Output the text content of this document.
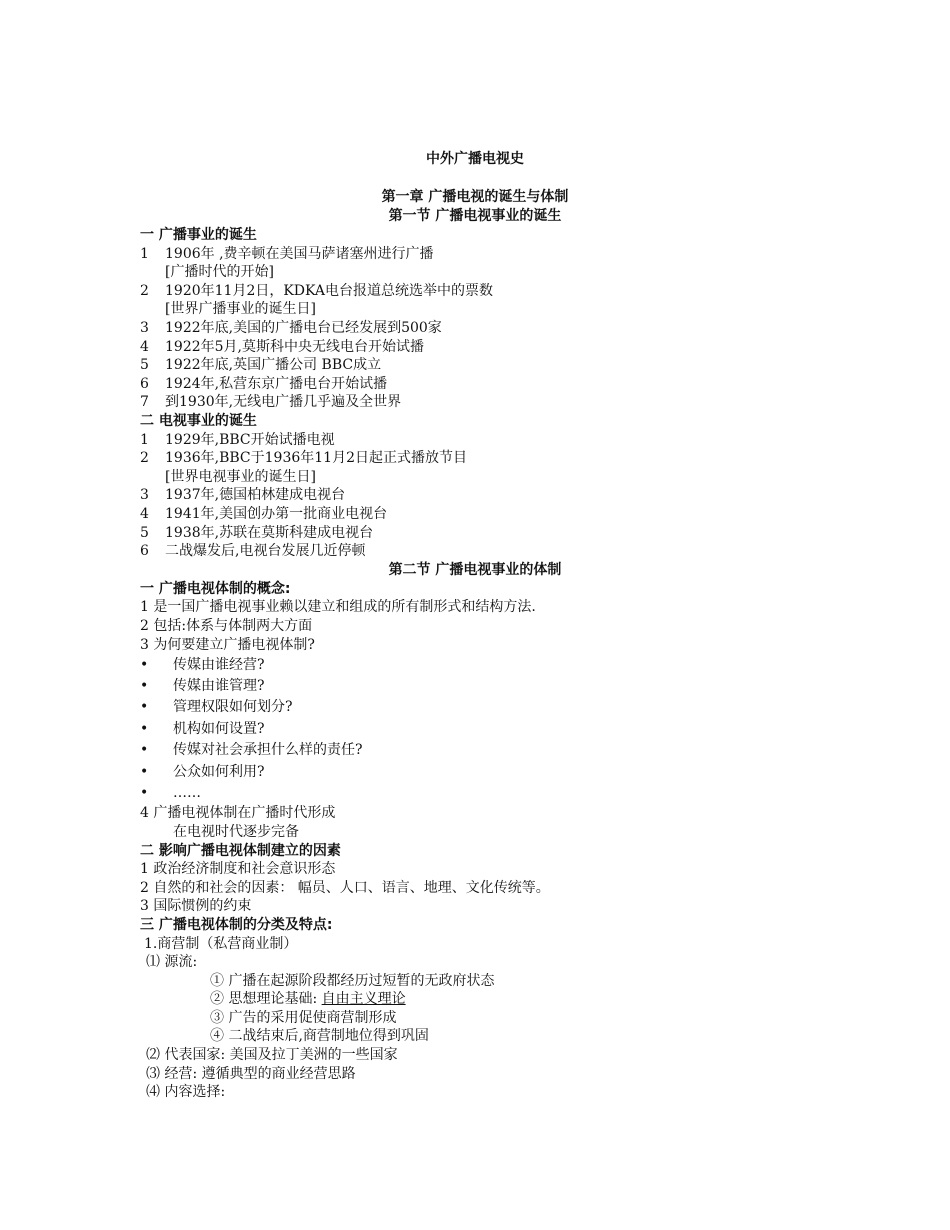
中外广播电视史
第一章 广播电视的诞生与体制
第一节 广播电视事业的诞生
一 广播事业的诞生
1 1906年 ,费辛顿在美国马萨诸塞州进行广播
[广播时代的开始]
2 1920年11月2日，KDKA电台报道总统选举中的票数
[世界广播事业的诞生日]
3 1922年底,美国的广播电台已经发展到500家
4 1922年5月,莫斯科中央无线电台开始试播
5 1922年底,英国广播公司 BBC成立
6 1924年,私营东京广播电台开始试播
7 到1930年,无线电广播几乎遍及全世界
二 电视事业的诞生
1 1929年,BBC开始试播电视
2 1936年,BBC于1936年11月2日起正式播放节目
[世界电视事业的诞生日]
3 1937年,德国柏林建成电视台
4 1941年,美国创办第一批商业电视台
5 1938年,苏联在莫斯科建成电视台
6 二战爆发后,电视台发展几近停顿
第二节 广播电视事业的体制
一 广播电视体制的概念:
1 是一国广播电视事业赖以建立和组成的所有制形式和结构方法.
2 包括:体系与体制两大方面
3 为何要建立广播电视体制?
• 传媒由谁经营?
• 传媒由谁管理?
• 管理权限如何划分?
• 机构如何设置?
• 传媒对社会承担什么样的责任?
• 公众如何利用?
• ……
4 广播电视体制在广播时代形成
在电视时代逐步完备
二 影响广播电视体制建立的因素
1 政治经济制度和社会意识形态
2 自然的和社会的因素： 幅员、人口、语言、地理、文化传统等。
3 国际惯例的约束
三 广播电视体制的分类及特点:
1.商营制（私营商业制）
⑴ 源流:
① 广播在起源阶段都经历过短暂的无政府状态
② 思想理论基础: 自由主义理论
③ 广告的采用促使商营制形成
④ 二战结束后,商营制地位得到巩固
⑵ 代表国家: 美国及拉丁美洲的一些国家
⑶ 经营: 遵循典型的商业经营思路
⑷ 内容选择:
